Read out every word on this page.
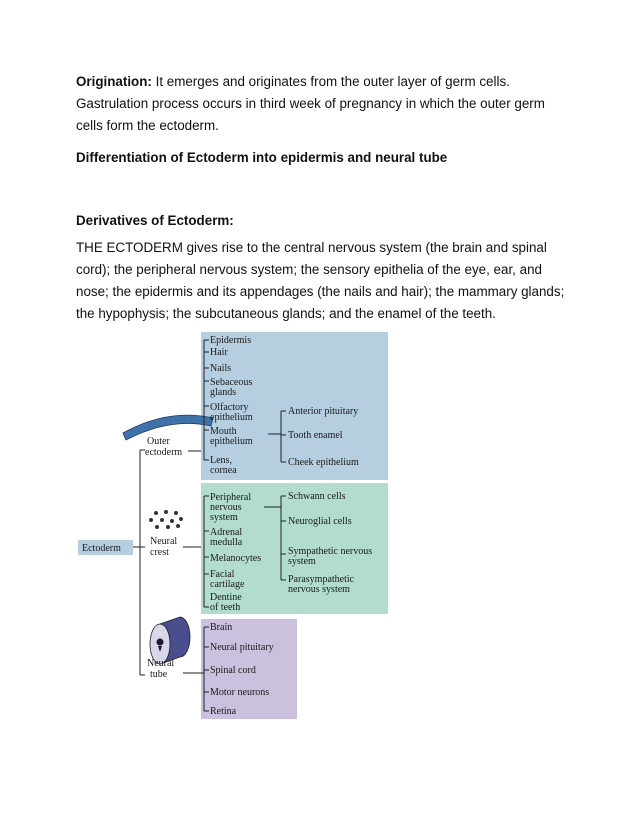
Origination: It emerges and originates from the outer layer of germ cells. Gastrulation process occurs in third week of pregnancy in which the outer germ cells form the ectoderm.

Differentiation of Ectoderm into epidermis and neural tube

Derivatives of Ectoderm:

THE ECTODERM gives rise to the central nervous system (the brain and spinal cord); the peripheral nervous system; the sensory epithelia of the eye, ear, and nose; the epidermis and its appendages (the nails and hair); the mammary glands; the hypophysis; the subcutaneous glands; and the enamel of the teeth.

Ectoderm
Outer
ectoderm
Neural
crest
Neural
tube
Epidermis
Hair
Nails
Sebaceous
glands
Olfactory
epithelium
Mouth
epithelium
Lens,
cornea
Anterior pituitary
Tooth enamel
Cheek epithelium
Peripheral
nervous
system
Adrenal
medulla
Melanocytes
Facial
cartilage
Dentine
of teeth
Schwann cells
Neuroglial cells
Sympathetic nervous
system
Parasympathetic
nervous system
Brain
Neural pituitary
Spinal cord
Motor neurons
Retina
